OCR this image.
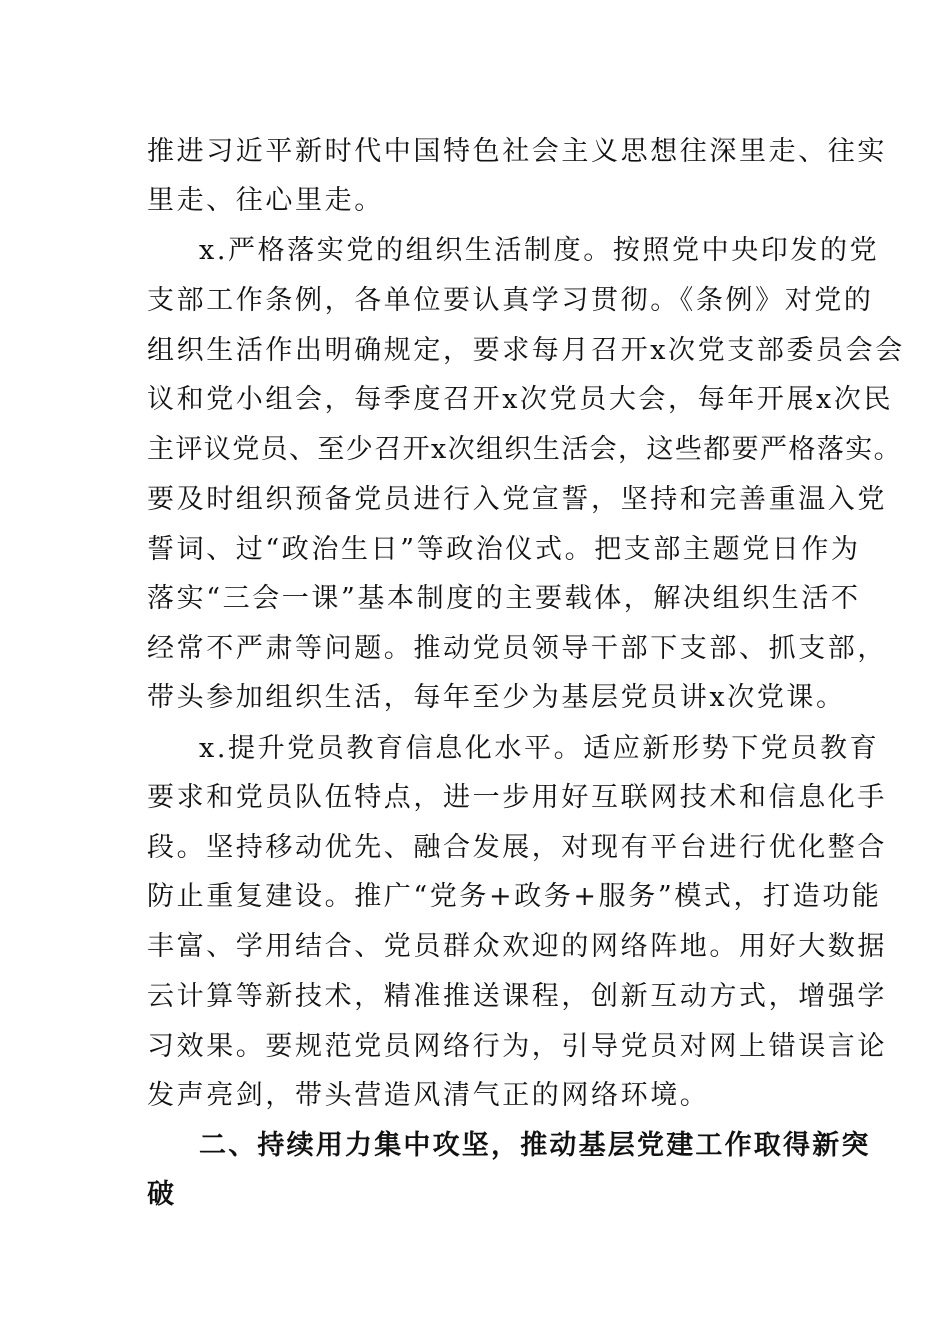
推进习近平新时代中国特色社会主义思想往深里走、往实
里走、往心里走。
x.严格落实党的组织生活制度。按照党中央印发的党
支部工作条例，各单位要认真学习贯彻。《条例》对党的
组织生活作出明确规定，要求每月召开x次党支部委员会会
议和党小组会，每季度召开x次党员大会，每年开展x次民
主评议党员、至少召开x次组织生活会，这些都要严格落实。
要及时组织预备党员进行入党宣誓，坚持和完善重温入党
誓词、过“政治生日”等政治仪式。把支部主题党日作为
落实“三会一课”基本制度的主要载体，解决组织生活不
经常不严肃等问题。推动党员领导干部下支部、抓支部，
带头参加组织生活，每年至少为基层党员讲x次党课。
x.提升党员教育信息化水平。适应新形势下党员教育
要求和党员队伍特点，进一步用好互联网技术和信息化手
段。坚持移动优先、融合发展，对现有平台进行优化整合
防止重复建设。推广“党务+政务+服务”模式，打造功能
丰富、学用结合、党员群众欢迎的网络阵地。用好大数据
云计算等新技术，精准推送课程，创新互动方式，增强学
习效果。要规范党员网络行为，引导党员对网上错误言论
发声亮剑，带头营造风清气正的网络环境。
二、持续用力集中攻坚，推动基层党建工作取得新突
破
